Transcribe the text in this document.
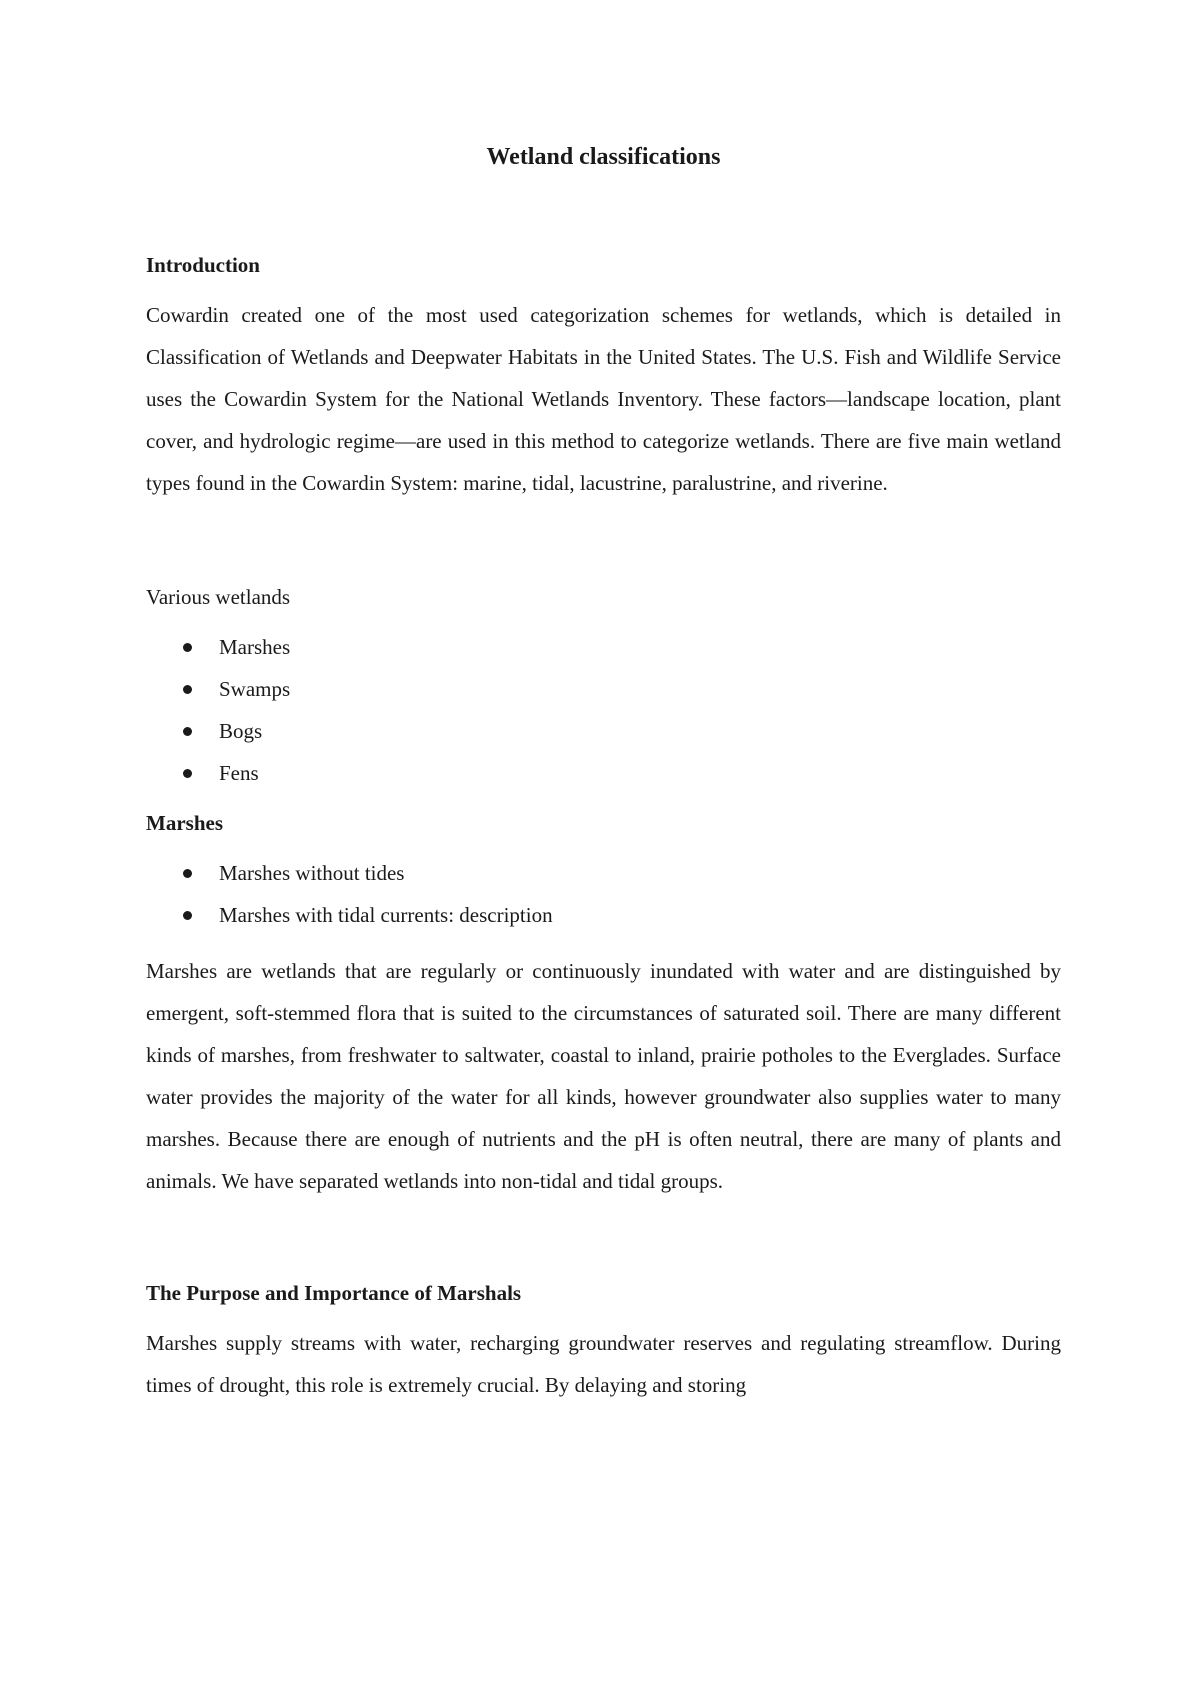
Wetland classifications
Introduction

Cowardin created one of the most used categorization schemes for wetlands, which is detailed in Classification of Wetlands and Deepwater Habitats in the United States. The U.S. Fish and Wildlife Service uses the Cowardin System for the National Wetlands Inventory. These factors—landscape location, plant cover, and hydrologic regime—are used in this method to categorize wetlands. There are five main wetland types found in the Cowardin System: marine, tidal, lacustrine, paralustrine, and riverine.

Various wetlands

Marshes
Swamps
Bogs
Fens
Marshes
Marshes without tides
Marshes with tidal currents: description

Marshes are wetlands that are regularly or continuously inundated with water and are distinguished by emergent, soft-stemmed flora that is suited to the circumstances of saturated soil. There are many different kinds of marshes, from freshwater to saltwater, coastal to inland, prairie potholes to the Everglades. Surface water provides the majority of the water for all kinds, however groundwater also supplies water to many marshes. Because there are enough of nutrients and the pH is often neutral, there are many of plants and animals. We have separated wetlands into non-tidal and tidal groups.

The Purpose and Importance of Marshals

Marshes supply streams with water, recharging groundwater reserves and regulating streamflow. During times of drought, this role is extremely crucial. By delaying and storing
